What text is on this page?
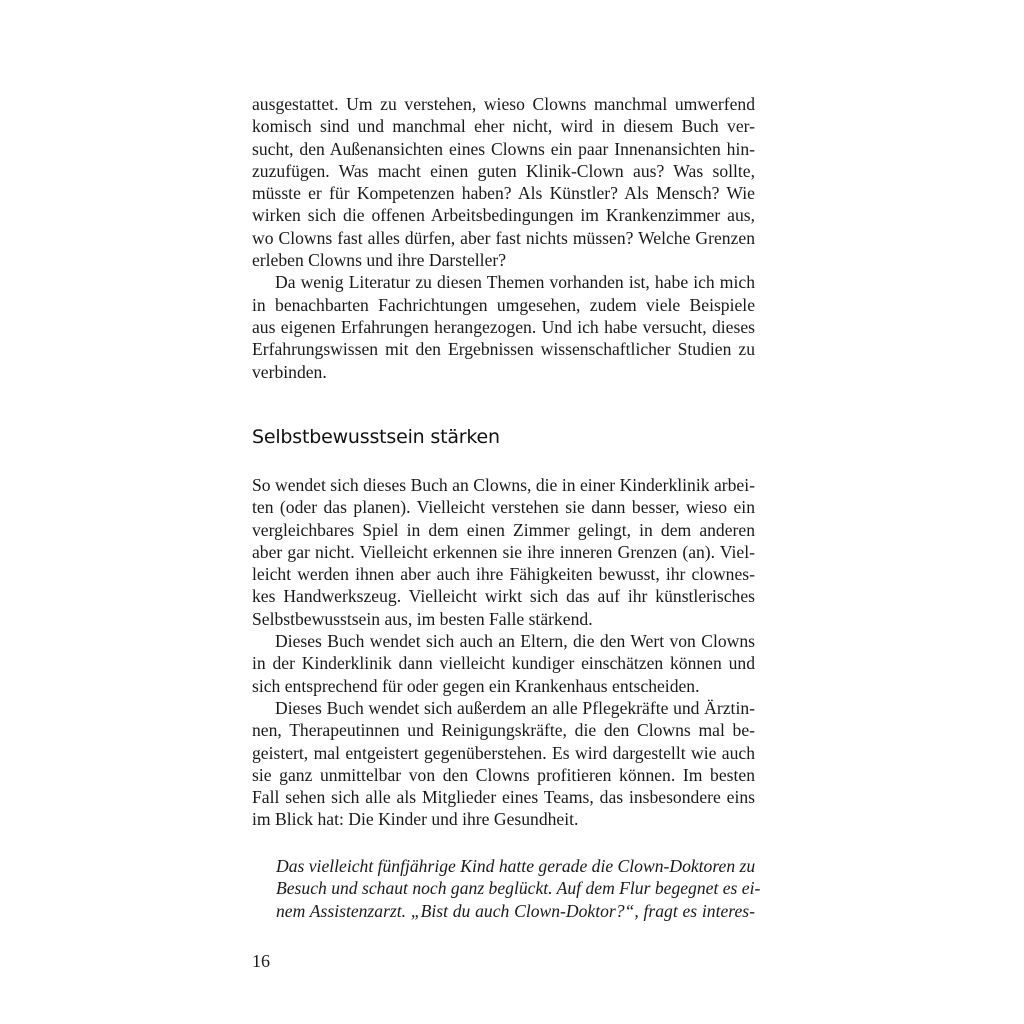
ausgestattet. Um zu verstehen, wieso Clowns manchmal umwerfend
komisch sind und manchmal eher nicht, wird in diesem Buch ver-
sucht, den Außenansichten eines Clowns ein paar Innenansichten hin-
zuzufügen. Was macht einen guten Klinik-Clown aus? Was sollte,
müsste er für Kompetenzen haben? Als Künstler? Als Mensch? Wie
wirken sich die offenen Arbeitsbedingungen im Krankenzimmer aus,
wo Clowns fast alles dürfen, aber fast nichts müssen? Welche Grenzen
erleben Clowns und ihre Darsteller?
Da wenig Literatur zu diesen Themen vorhanden ist, habe ich mich
in benachbarten Fachrichtungen umgesehen, zudem viele Beispiele
aus eigenen Erfahrungen herangezogen. Und ich habe versucht, dieses
Erfahrungswissen mit den Ergebnissen wissenschaftlicher Studien zu
verbinden.
Selbstbewusstsein stärken
So wendet sich dieses Buch an Clowns, die in einer Kinderklinik arbei-
ten (oder das planen). Vielleicht verstehen sie dann besser, wieso ein
vergleichbares Spiel in dem einen Zimmer gelingt, in dem anderen
aber gar nicht. Vielleicht erkennen sie ihre inneren Grenzen (an). Viel-
leicht werden ihnen aber auch ihre Fähigkeiten bewusst, ihr clownes-
kes Handwerkszeug. Vielleicht wirkt sich das auf ihr künstlerisches
Selbstbewusstsein aus, im besten Falle stärkend.
Dieses Buch wendet sich auch an Eltern, die den Wert von Clowns
in der Kinderklinik dann vielleicht kundiger einschätzen können und
sich entsprechend für oder gegen ein Krankenhaus entscheiden.
Dieses Buch wendet sich außerdem an alle Pflegekräfte und Ärztin-
nen, Therapeutinnen und Reinigungskräfte, die den Clowns mal be-
geistert, mal entgeistert gegenüberstehen. Es wird dargestellt wie auch
sie ganz unmittelbar von den Clowns profitieren können. Im besten
Fall sehen sich alle als Mitglieder eines Teams, das insbesondere eins
im Blick hat: Die Kinder und ihre Gesundheit.
Das vielleicht fünfjährige Kind hatte gerade die Clown-Doktoren zu
Besuch und schaut noch ganz beglückt. Auf dem Flur begegnet es ei-
nem Assistenzarzt. „Bist du auch Clown-Doktor?“, fragt es interes-
16
